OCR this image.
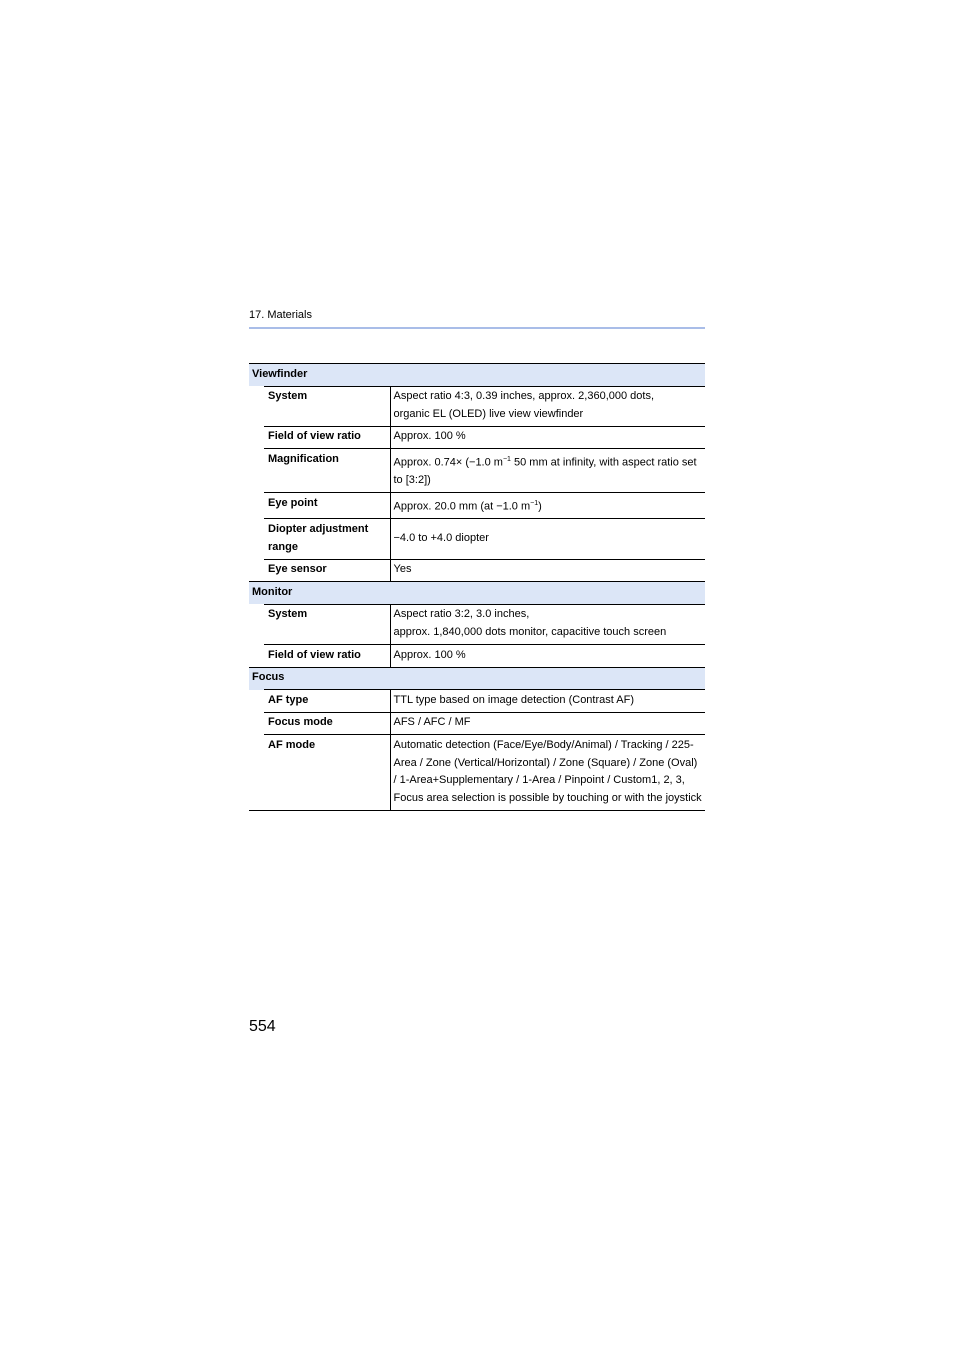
17. Materials
Viewfinder		
	System	Aspect ratio 4:3, 0.39 inches, approx. 2,360,000 dots,
organic EL (OLED) live view viewfinder
	Field of view ratio	Approx. 100 %
	Magnification	Approx. 0.74× (−1.0 $m^{-1}$ 50 mm at infinity, with aspect ratio set to [3:2])
	Eye point	Approx. 20.0 mm (at −1.0 $m^{-1}$)
	Diopter adjustment range	−4.0 to +4.0 diopter
	Eye sensor	Yes
Monitor		
	System	Aspect ratio 3:2, 3.0 inches,
approx. 1,840,000 dots monitor, capacitive touch screen
	Field of view ratio	Approx. 100 %
Focus		
	AF type	TTL type based on image detection (Contrast AF)
	Focus mode	AFS / AFC / MF
	AF mode	Automatic detection (Face/Eye/Body/Animal) / Tracking / 225-Area / Zone (Vertical/Horizontal) / Zone (Square) / Zone (Oval) / 1-Area+Supplementary / 1-Area / Pinpoint / Custom1, 2, 3,
Focus area selection is possible by touching or with the joystick
554
